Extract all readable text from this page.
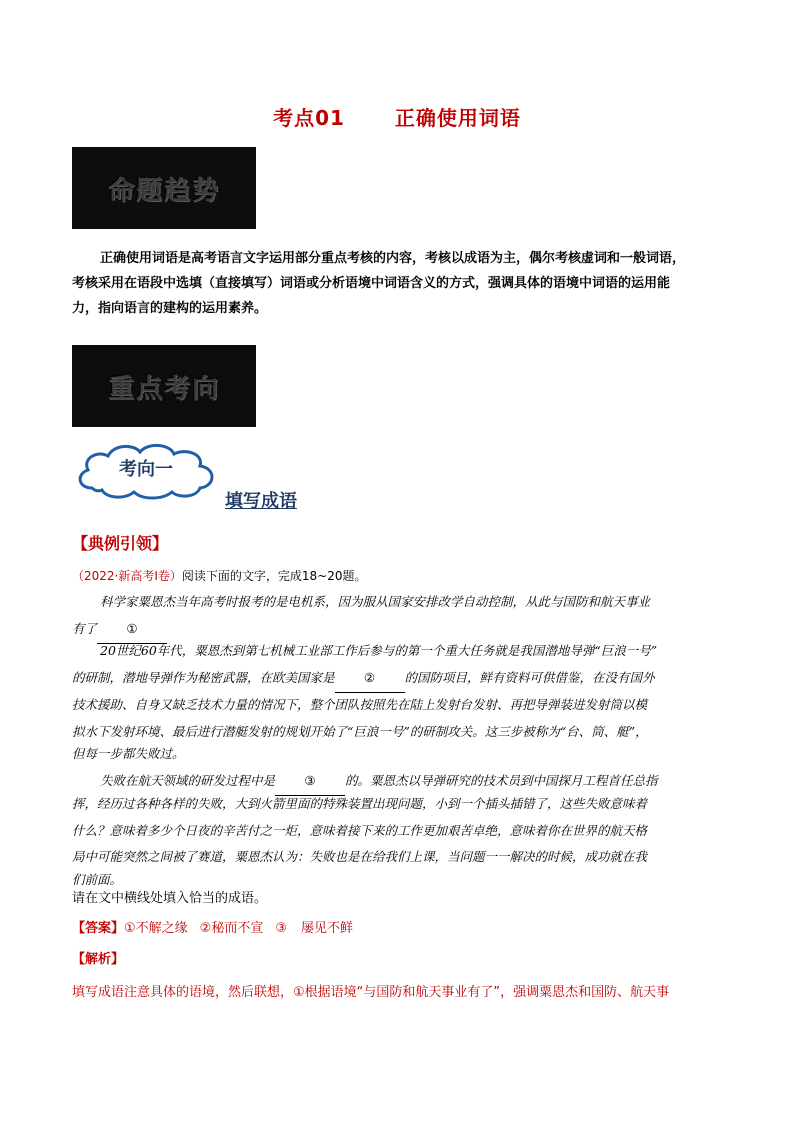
考点01	正确使用词语
命题趋势
正确使用词语是高考语言文字运用部分重点考核的内容，考核以成语为主，偶尔考核虚词和一般词语，
考核采用在语段中选填（直接填写）词语或分析语境中词语含义的方式，强调具体的语境中词语的运用能
力，指向语言的建构的运用素养。
重点考向
考向一
填写成语
【典例引领】
（2022·新高考Ⅰ卷）阅读下面的文字，完成18~20题。
科学家粟恩杰当年高考时报考的是电机系，因为服从国家安排改学自动控制，从此与国防和航天事业
有了 ①
20世纪60年代，粟恩杰到第七机械工业部工作后参与的第一个重大任务就是我国潜地导弹“巨浪一号”
的研制，潜地导弹作为秘密武器，在欧美国家是 ② 的国防项目，鲜有资料可供借鉴，在没有国外
技术援助、自身又缺乏技术力量的情况下，整个团队按照先在陆上发射台发射、再把导弹装进发射筒以模
拟水下发射环境、最后进行潜艇发射的规划开始了“巨浪一号”的研制攻关。这三步被称为“台、筒、艇”，
但每一步都失败过。
失败在航天领域的研发过程中是 ③ 的。粟恩杰以导弹研究的技术员到中国探月工程首任总指
挥，经历过各种各样的失败，大到火箭里面的特殊装置出现问题，小到一个插头插错了，这些失败意味着
什么？意味着多少个日夜的辛苦付之一炬，意味着接下来的工作更加艰苦卓绝，意味着你在世界的航天格
局中可能突然之间被了赛道，粟恩杰认为：失败也是在给我们上课，当问题一一解决的时候，成功就在我
们前面。
请在文中横线处填入恰当的成语。
【答案】①不解之缘 ②秘而不宣 ③ 屡见不鲜
【解析】
填写成语注意具体的语境，然后联想，①根据语境“与国防和航天事业有了”，强调粟恩杰和国防、航天事
